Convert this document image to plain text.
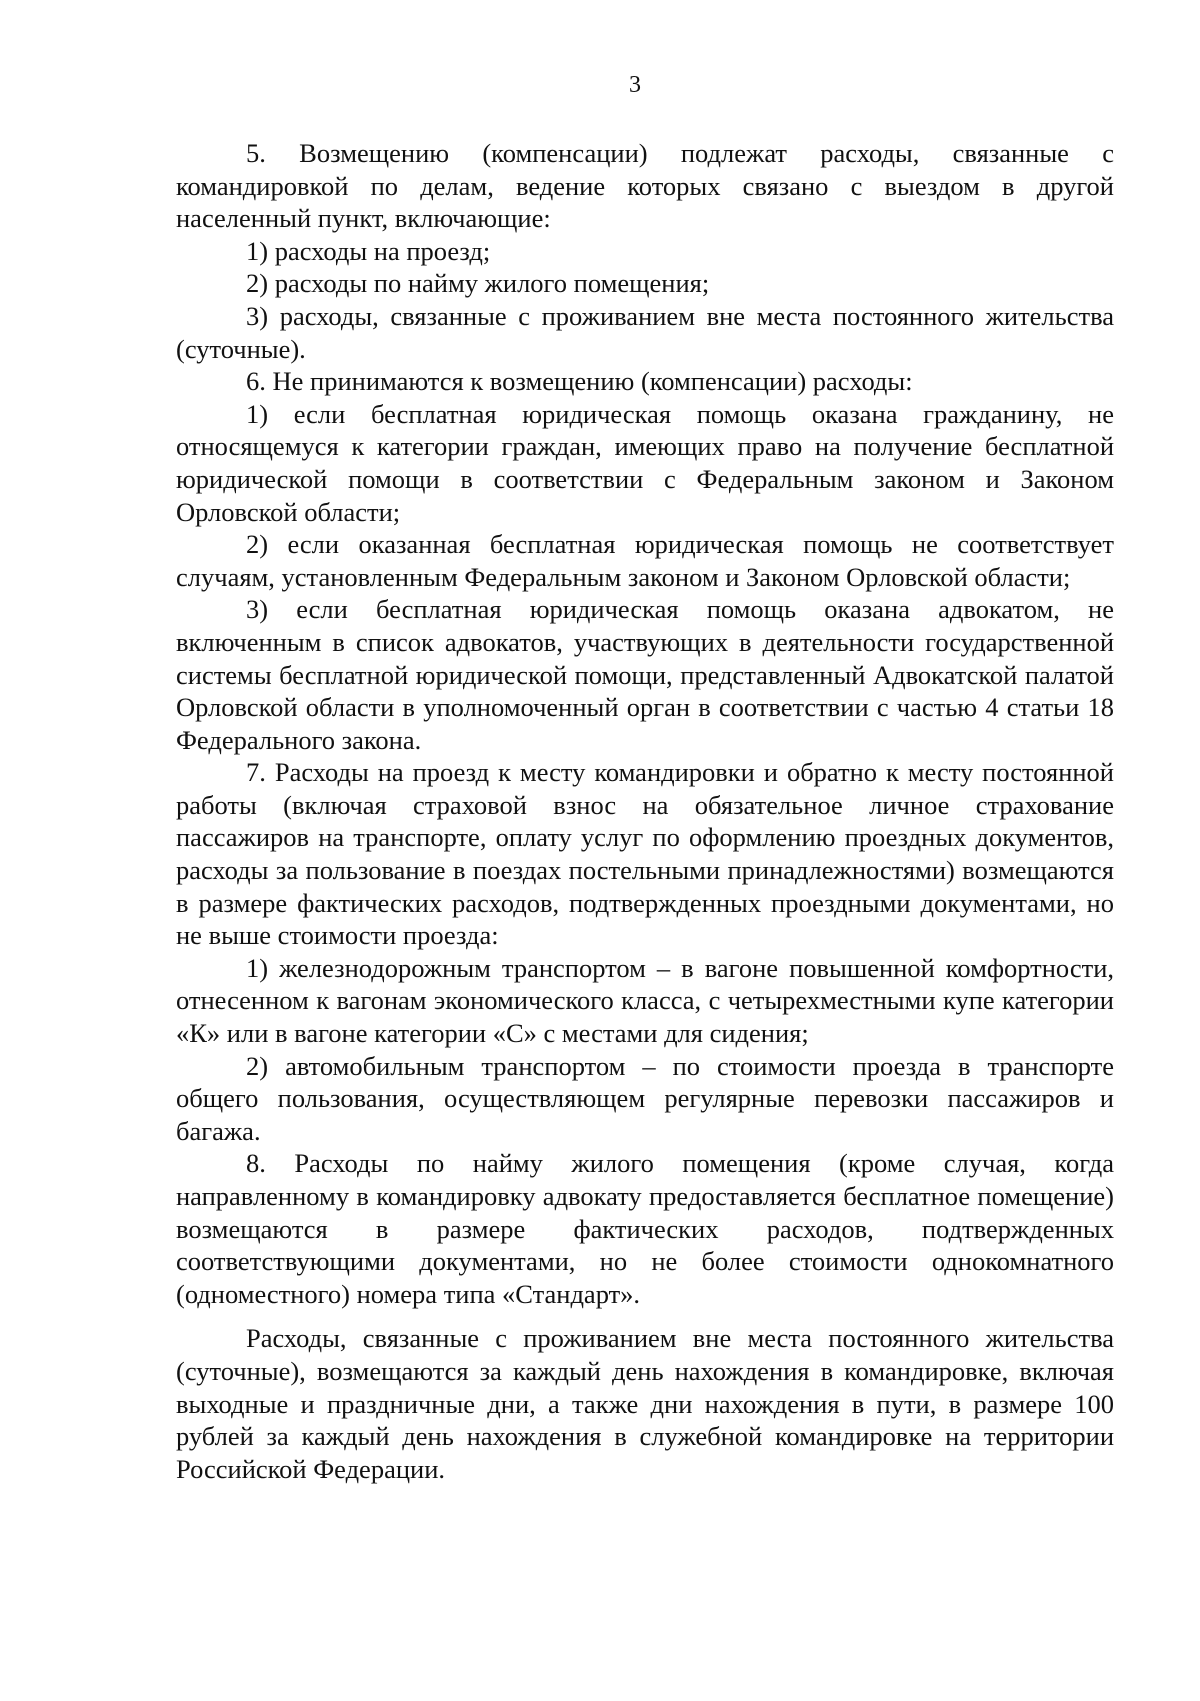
3

5. Возмещению (компенсации) подлежат расходы, связанные с командировкой по делам, ведение которых связано с выездом в другой населенный пункт, включающие:

1) расходы на проезд;

2) расходы по найму жилого помещения;

3) расходы, связанные с проживанием вне места постоянного жительства (суточные).

6. Не принимаются к возмещению (компенсации) расходы:

1) если бесплатная юридическая помощь оказана гражданину, не относящемуся к категории граждан, имеющих право на получение бесплатной юридической помощи в соответствии с Федеральным законом и Законом Орловской области;

2) если оказанная бесплатная юридическая помощь не соответствует случаям, установленным Федеральным законом и Законом Орловской области;

3) если бесплатная юридическая помощь оказана адвокатом, не включенным в список адвокатов, участвующих в деятельности государственной системы бесплатной юридической помощи, представленный Адвокатской палатой Орловской области в уполномоченный орган в соответствии с частью 4 статьи 18 Федерального закона.

7. Расходы на проезд к месту командировки и обратно к месту постоянной работы (включая страховой взнос на обязательное личное страхование пассажиров на транспорте, оплату услуг по оформлению проездных документов, расходы за пользование в поездах постельными принадлежностями) возмещаются в размере фактических расходов, подтвержденных проездными документами, но не выше стоимости проезда:

1) железнодорожным транспортом – в вагоне повышенной комфортности, отнесенном к вагонам экономического класса, с четырехместными купе категории «К» или в вагоне категории «С» с местами для сидения;

2) автомобильным транспортом – по стоимости проезда в транспорте общего пользования, осуществляющем регулярные перевозки пассажиров и багажа.

8. Расходы по найму жилого помещения (кроме случая, когда направленному в командировку адвокату предоставляется бесплатное помещение) возмещаются в размере фактических расходов, подтвержденных соответствующими документами, но не более стоимости однокомнатного (одноместного) номера типа «Стандарт».

Расходы, связанные с проживанием вне места постоянного жительства (суточные), возмещаются за каждый день нахождения в командировке, включая выходные и праздничные дни, а также дни нахождения в пути, в размере 100 рублей за каждый день нахождения в служебной командировке на территории Российской Федерации.
